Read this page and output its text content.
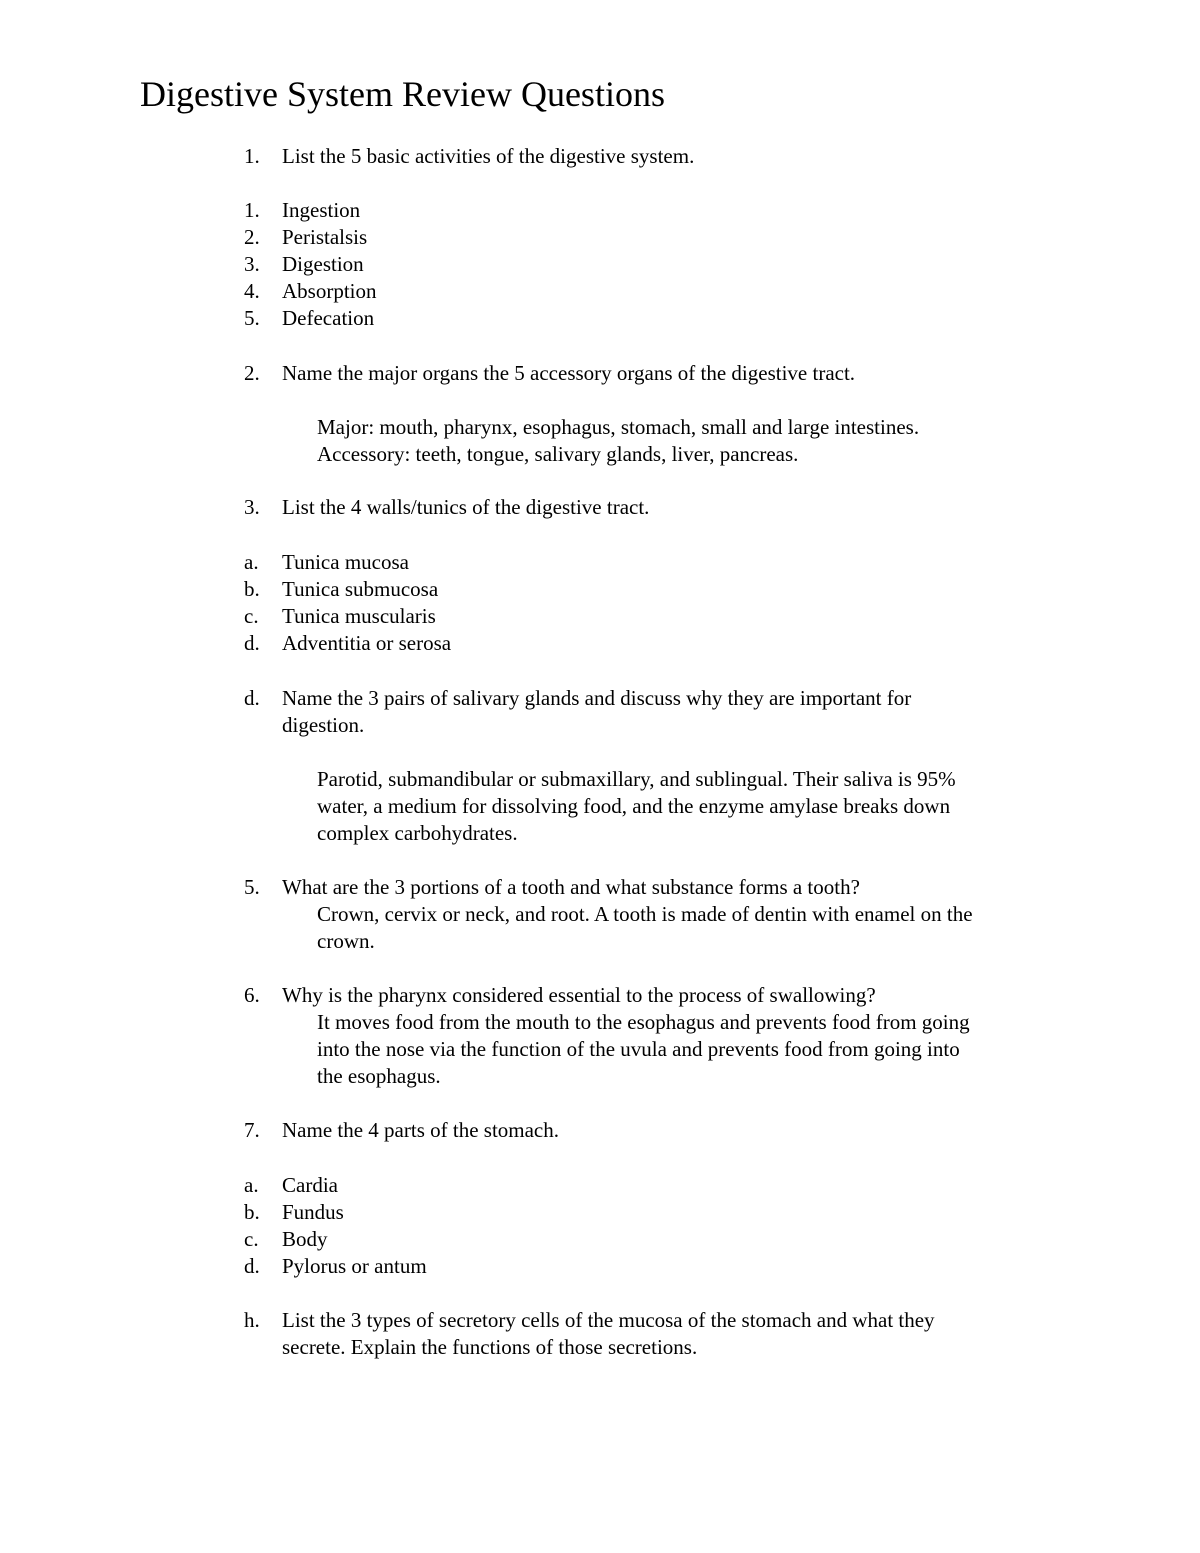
Digestive System Review Questions
1.	List the 5 basic activities of the digestive system.
1.	Ingestion
2.	Peristalsis
3.	Digestion
4.	Absorption
5.	Defecation
2.	Name the major organs the 5 accessory organs of the digestive tract.
Major: mouth, pharynx, esophagus, stomach, small and large intestines.
Accessory: teeth, tongue, salivary glands, liver, pancreas.
3.	List the 4 walls/tunics of the digestive tract.
a.	Tunica mucosa
b.	Tunica submucosa
c.	Tunica muscularis
d.	Adventitia or serosa
d.	Name the 3 pairs of salivary glands and discuss why they are important for
digestion.
Parotid, submandibular or submaxillary, and sublingual. Their saliva is 95%
water, a medium for dissolving food, and the enzyme amylase breaks down
complex carbohydrates.
5.	What are the 3 portions of a tooth and what substance forms a tooth?
Crown, cervix or neck, and root. A tooth is made of dentin with enamel on the
crown.
6.	Why is the pharynx considered essential to the process of swallowing?
It moves food from the mouth to the esophagus and prevents food from going
into the nose via the function of the uvula and prevents food from going into
the esophagus.
7.	Name the 4 parts of the stomach.
a.	Cardia
b.	Fundus
c.	Body
d.	Pylorus or antum
h.	List the 3 types of secretory cells of the mucosa of the stomach and what they
secrete. Explain the functions of those secretions.
